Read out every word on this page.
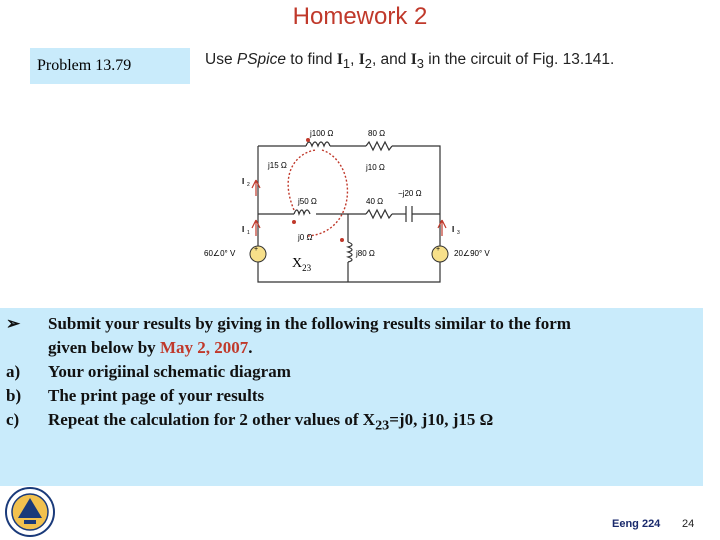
Homework 2
Problem 13.79	Use PSpice to find $I_1$, $I_2$, and $I_3$ in the circuit of Fig. 13.141.
+	+
j100 Ω	80 Ω
j15 Ω	j10 Ω
−j20 Ω
j50 Ω	40 Ω
j0 Ω
j80 Ω
I 2
I 1	I 3
60∠0° V	20∠90° V
$X_{23}$
➢ Submit your results by giving in the following results similar to the form
given below by May 2, 2007.
a) Your origiinal schematic diagram
b) The print page of your results
c) Repeat the calculation for 2 other values of $X_{23}=j0$, j10, j15 Ω
Eeng 224 24
